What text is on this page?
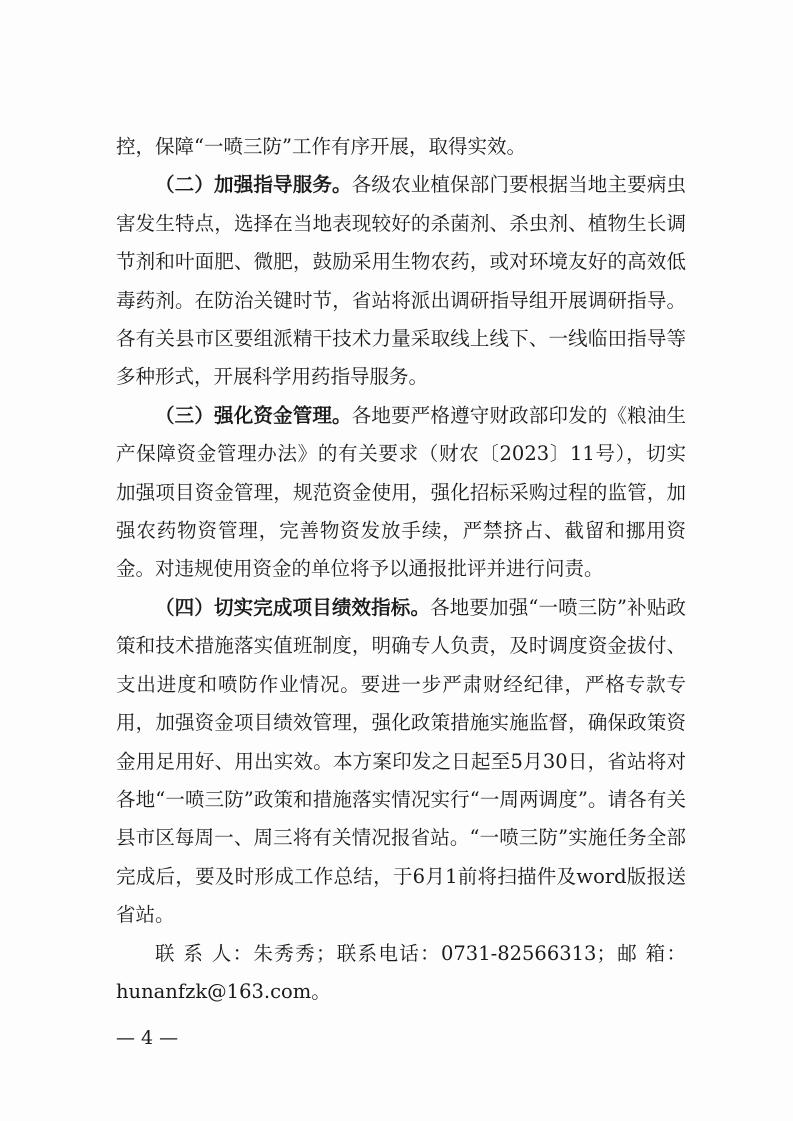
控，保障“一喷三防”工作有序开展，取得实效。

（二）加强指导服务。各级农业植保部门要根据当地主要病虫害发生特点，选择在当地表现较好的杀菌剂、杀虫剂、植物生长调节剂和叶面肥、微肥，鼓励采用生物农药，或对环境友好的高效低毒药剂。在防治关键时节，省站将派出调研指导组开展调研指导。各有关县市区要组派精干技术力量采取线上线下、一线临田指导等多种形式，开展科学用药指导服务。

（三）强化资金管理。各地要严格遵守财政部印发的《粮油生产保障资金管理办法》的有关要求（财农〔2023〕11号），切实加强项目资金管理，规范资金使用，强化招标采购过程的监管，加强农药物资管理，完善物资发放手续，严禁挤占、截留和挪用资金。对违规使用资金的单位将予以通报批评并进行问责。

（四）切实完成项目绩效指标。各地要加强“一喷三防”补贴政策和技术措施落实值班制度，明确专人负责，及时调度资金拔付、支出进度和喷防作业情况。要进一步严肃财经纪律，严格专款专用，加强资金项目绩效管理，强化政策措施实施监督，确保政策资金用足用好、用出实效。本方案印发之日起至5月30日，省站将对各地“一喷三防”政策和措施落实情况实行“一周两调度”。请各有关县市区每周一、周三将有关情况报省站。“一喷三防”实施任务全部完成后，要及时形成工作总结，于6月1前将扫描件及word版报送省站。

联 系 人：朱秀秀；联系电话：0731-82566313；邮 箱：hunanfzk@163.com。

— 4 —
